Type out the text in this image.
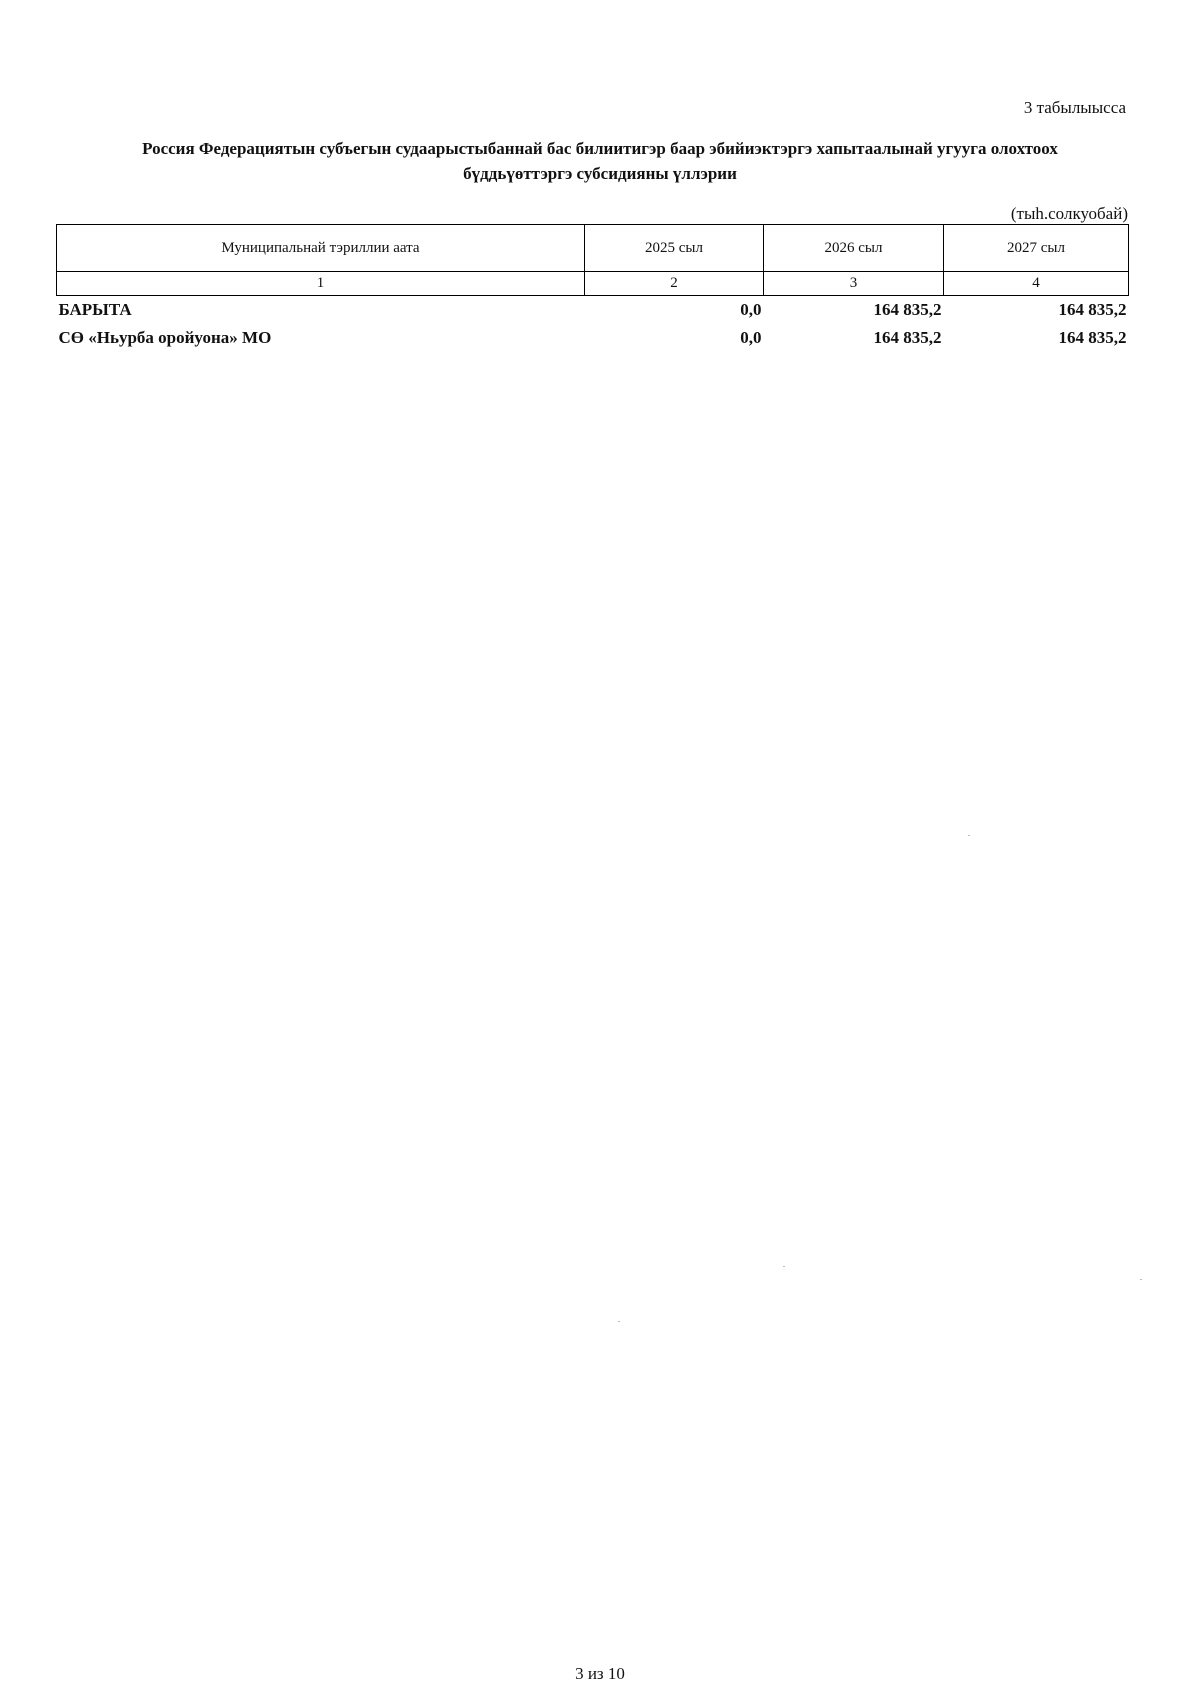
3 табылыысса
Россия Федерациятын субъегын судаарыстыбаннай бас билиитигэр баар эбийиэктэргэ хапытаалынай угууга олохтоох
бүддьүөттэргэ субсидияны үллэрии
(тыһ.солкуобай)
Муниципальнай тэриллии аата	2025 сыл	2026 сыл	2027 сыл
1	2	3	4
БАРЫТА	0,0	164 835,2	164 835,2
СӨ «Ньурба оройуона» МО	0,0	164 835,2	164 835,2
3 из 10
